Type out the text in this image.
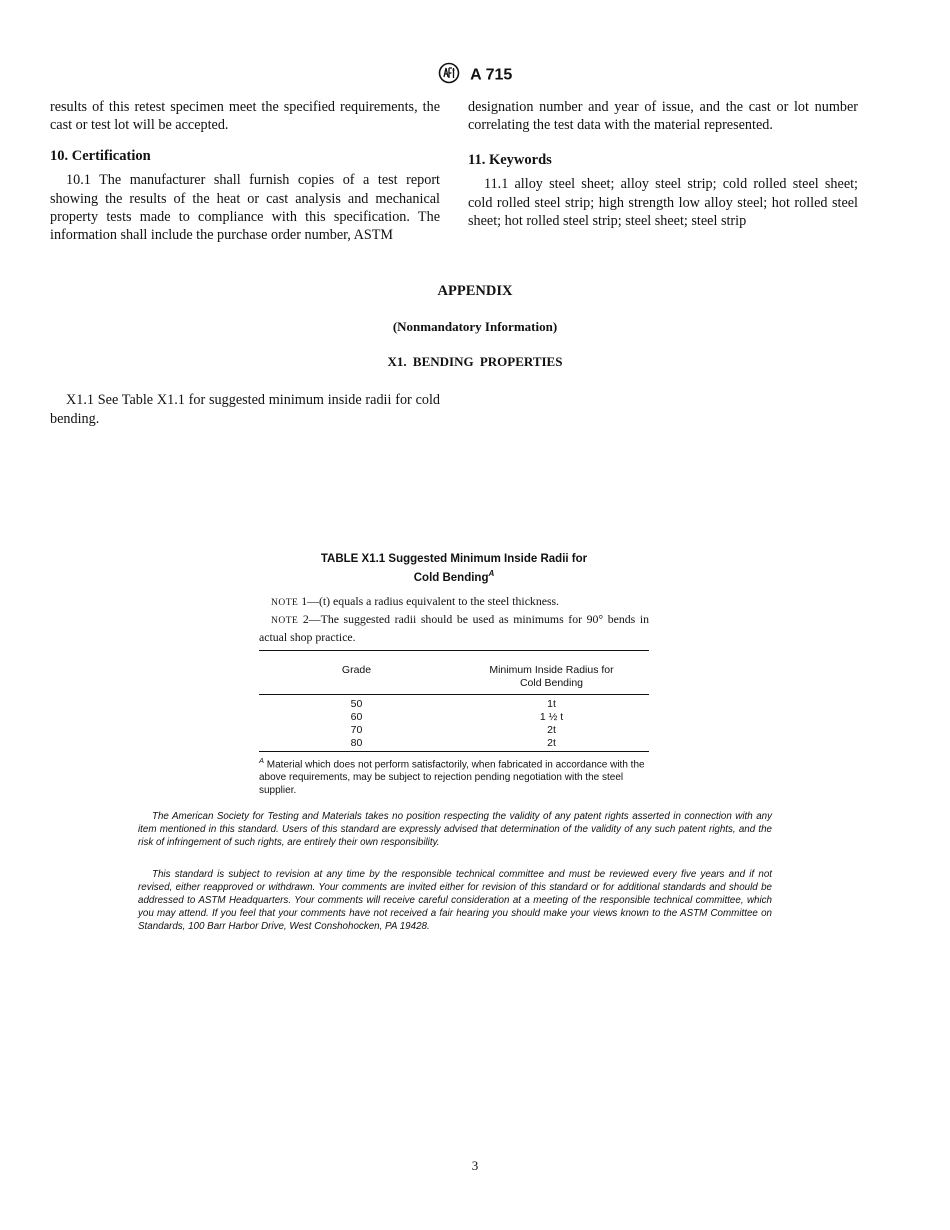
A 715

results of this retest specimen meet the specified requirements, the cast or test lot will be accepted.

10. Certification

10.1 The manufacturer shall furnish copies of a test report showing the results of the heat or cast analysis and mechanical property tests made to compliance with this specification. The information shall include the purchase order number, ASTM

designation number and year of issue, and the cast or lot number correlating the test data with the material represented.

11. Keywords

11.1 alloy steel sheet; alloy steel strip; cold rolled steel sheet; cold rolled steel strip; high strength low alloy steel; hot rolled steel sheet; hot rolled steel strip; steel sheet; steel strip

APPENDIX
(Nonmandatory Information)
X1. BENDING PROPERTIES

X1.1 See Table X1.1 for suggested minimum inside radii for cold bending.

TABLE X1.1 Suggested Minimum Inside Radii for
Cold Bending$^A$

NOTE 1—(t) equals a radius equivalent to the steel thickness.

NOTE 2—The suggested radii should be used as minimums for 90° bends in actual shop practice.

Grade	Minimum Inside Radius for Cold Bending

50	1t
60	1 ½ t
70	2t
80	2t
$^A$ Material which does not perform satisfactorily, when fabricated in accordance with the above requirements, may be subject to rejection pending negotiation with the steel supplier.

The American Society for Testing and Materials takes no position respecting the validity of any patent rights asserted in connection with any item mentioned in this standard. Users of this standard are expressly advised that determination of the validity of any such patent rights, and the risk of infringement of such rights, are entirely their own responsibility.

This standard is subject to revision at any time by the responsible technical committee and must be reviewed every five years and if not revised, either reapproved or withdrawn. Your comments are invited either for revision of this standard or for additional standards and should be addressed to ASTM Headquarters. Your comments will receive careful consideration at a meeting of the responsible technical committee, which you may attend. If you feel that your comments have not received a fair hearing you should make your views known to the ASTM Committee on Standards, 100 Barr Harbor Drive, West Conshohocken, PA 19428.

3
